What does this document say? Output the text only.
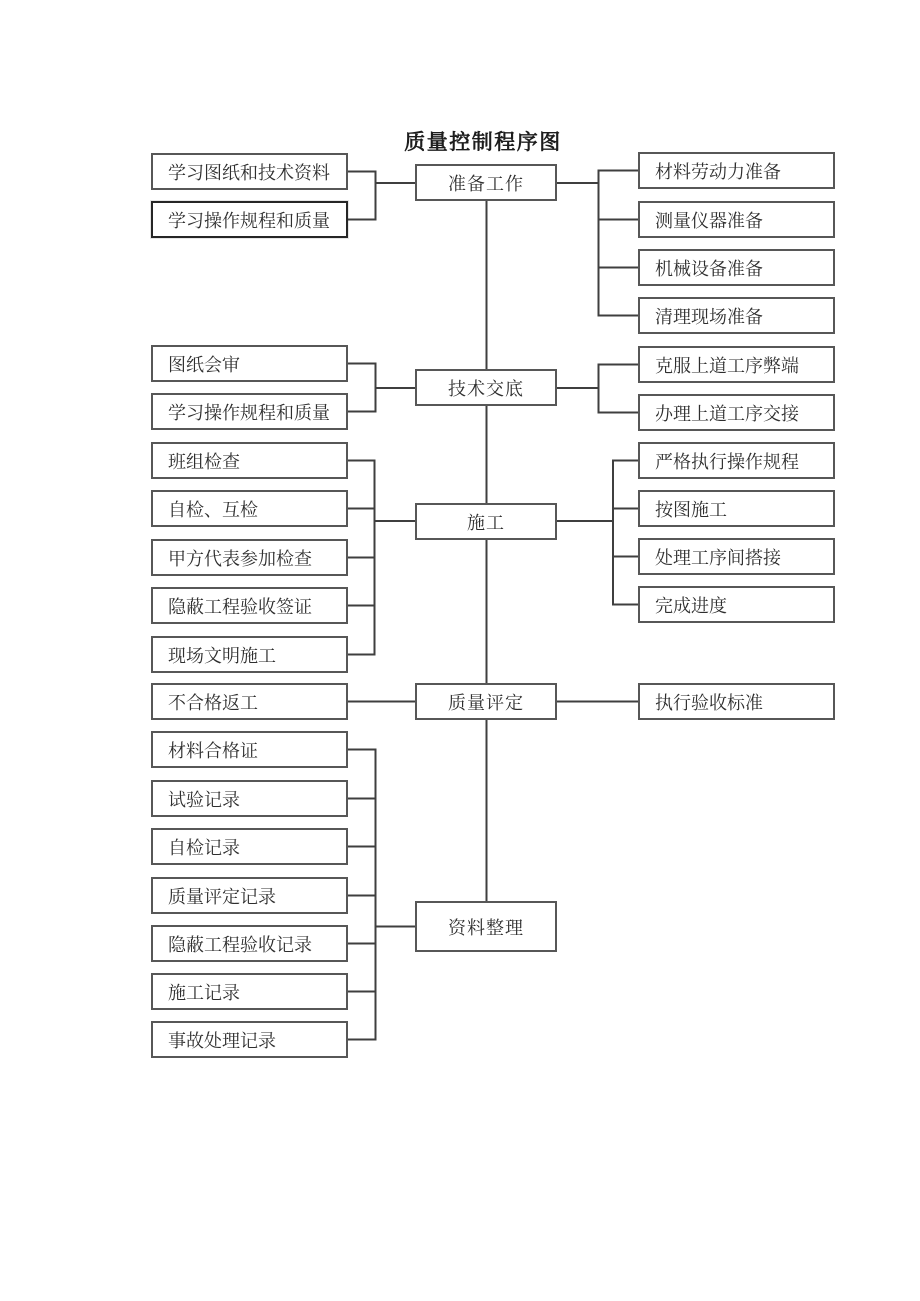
质量控制程序图
准备工作
技术交底
施工
质量评定
资料整理
学习图纸和技术资料
学习操作规程和质量
材料劳动力准备
测量仪器准备
机械设备准备
清理现场准备
图纸会审
学习操作规程和质量
克服上道工序弊端
办理上道工序交接
班组检查
自检、互检
甲方代表参加检查
隐蔽工程验收签证
现场文明施工
严格执行操作规程
按图施工
处理工序间搭接
完成进度
不合格返工	执行验收标准
材料合格证
试验记录
自检记录
质量评定记录
隐蔽工程验收记录
施工记录
事故处理记录
